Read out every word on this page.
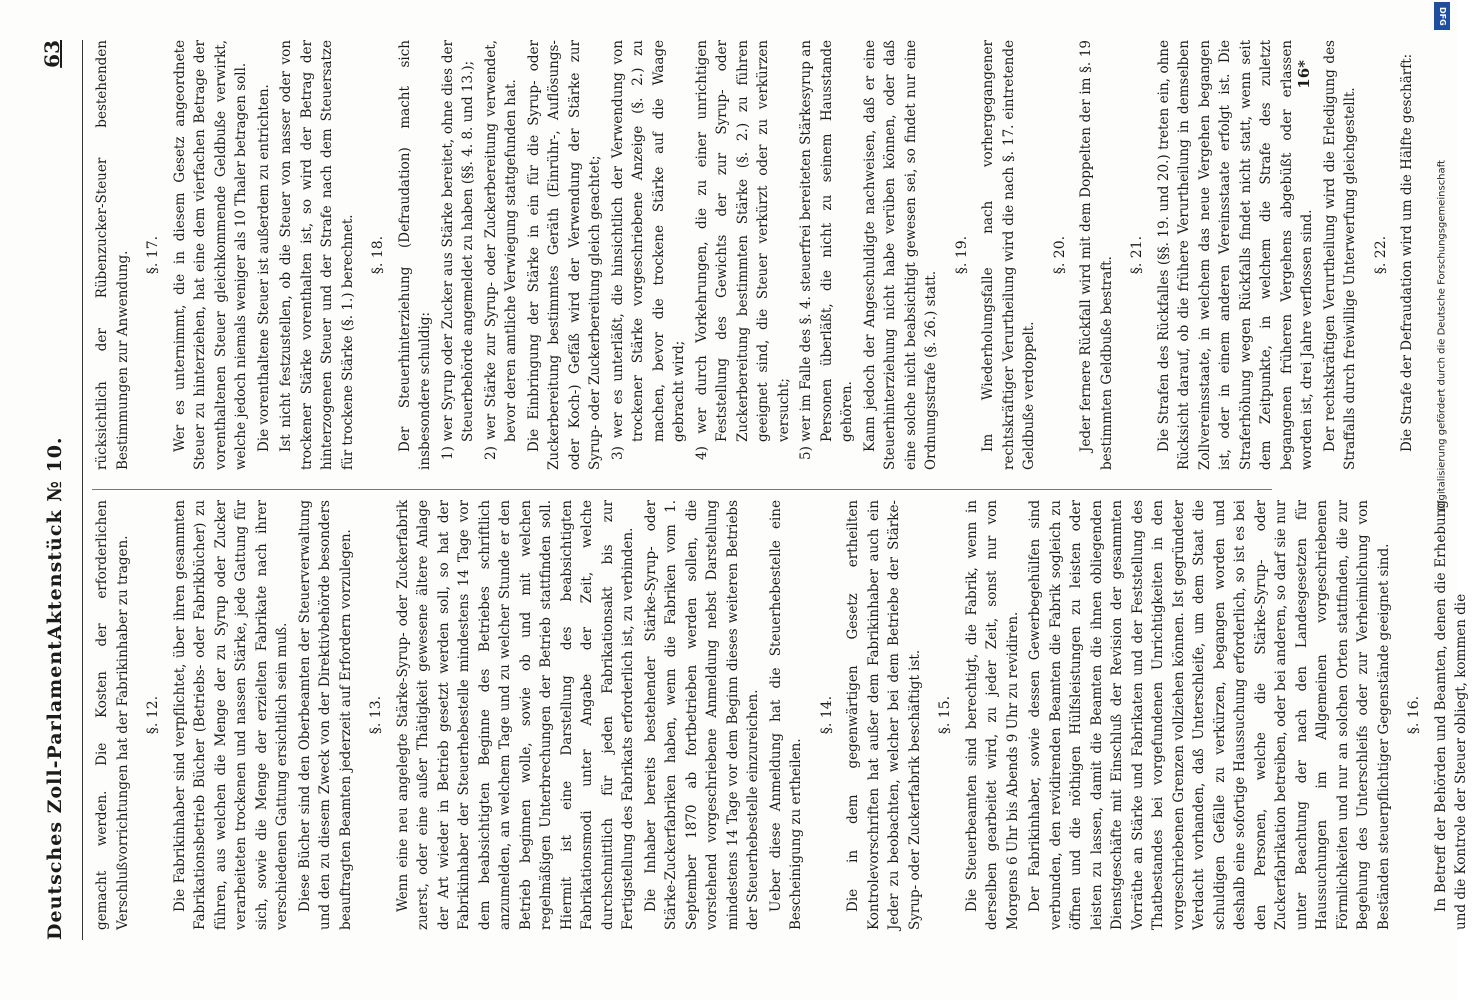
Deutsches Zoll-Parlament.
Aktenstück № 10.
63

gemacht werden. Die Kosten der erforderlichen Verschlußvorrichtungen hat der Fabrikinhaber zu tragen. §. 12. Die Fabrikinhaber sind verpflichtet, über ihren gesammten Fabrikationsbetrieb Bücher (Betriebs- oder Fabrikbücher) zu führen, aus welchen die Menge der zu Syrup oder Zucker verarbeiteten trockenen und nassen Stärke, jede Gattung für sich, sowie die Menge der erzielten Fabrikate nach ihrer verschiedenen Gattung ersichtlich sein muß. Diese Bücher sind den Oberbeamten der Steuerverwaltung und den zu diesem Zweck von der Direktivbehörde besonders beauftragten Beamten jederzeit auf Erfordern vorzulegen. §. 13. Wenn eine neu angelegte Stärke-Syrup- oder Zuckerfabrik zuerst, oder eine außer Thätigkeit gewesene ältere Anlage der Art wieder in Betrieb gesetzt werden soll, so hat der Fabrikinhaber der Steuerhebestelle mindestens 14 Tage vor dem beabsichtigten Beginne des Betriebes schriftlich anzumelden, an welchem Tage und zu welcher Stunde er den Betrieb beginnen wolle, sowie ob und mit welchen regelmäßigen Unterbrechungen der Betrieb stattfinden soll. Hiermit ist eine Darstellung des beabsichtigten Fabrikationsmodi unter Angabe der Zeit, welche durchschnittlich für jeden Fabrikationsakt bis zur Fertigstellung des Fabrikats erforderlich ist, zu verbinden. Die Inhaber bereits bestehender Stärke-Syrup- oder Stärke-Zuckerfabriken haben, wenn die Fabriken vom 1. September 1870 ab fortbetrieben werden sollen, die vorstehend vorgeschriebene Anmeldung nebst Darstellung mindestens 14 Tage vor dem Beginn dieses weiteren Betriebs der Steuerhebestelle einzureichen. Ueber diese Anmeldung hat die Steuerhebestelle eine Bescheinigung zu ertheilen.

§. 14. Die in dem gegenwärtigen Gesetz ertheilten Kontrolevorschriften hat außer dem Fabrikinhaber auch ein Jeder zu beobachten, welcher bei dem Betriebe der Stärke-Syrup- oder Zuckerfabrik beschäftigt ist. §. 15. Die Steuerbeamten sind berechtigt, die Fabrik, wenn in derselben gearbeitet wird, zu jeder Zeit, sonst nur von Morgens 6 Uhr bis Abends 9 Uhr zu revidiren. Der Fabrikinhaber, sowie dessen Gewerbegehülfen sind verbunden, den revidirenden Beamten die Fabrik sogleich zu öffnen und die nöthigen Hülfsleistungen zu leisten oder leisten zu lassen, damit die Beamten die ihnen obliegenden Dienstgeschäfte mit Einschluß der Revision der gesammten Vorräthe an Stärke und Fabrikaten und der Feststellung des Thatbestandes bei vorgefundenen Unrichtigkeiten in den vorgeschriebenen Grenzen vollziehen können. Ist gegründeter Verdacht vorhanden, daß Unterschleife, um dem Staat die schuldigen Gefälle zu verkürzen, begangen worden und deshalb eine sofortige Haussuchung erforderlich, so ist es bei den Personen, welche die Stärke-Syrup- oder Zuckerfabrikation betreiben, oder bei anderen, so darf sie nur unter Beachtung der nach den Landesgesetzen für Haussuchungen im Allgemeinen vorgeschriebenen Förmlichkeiten und nur an solchen Orten stattfinden, die zur Begehung des Unterschleifs oder zur Verheimlichung von Beständen steuerpflichtiger Gegenstände geeignet sind. §. 16. In Betreff der Behörden und Beamten, denen die Erhebung und die Kontrole der Steuer obliegt, kommen die

rücksichtlich der Rübenzucker-Steuer bestehenden Bestimmungen zur Anwendung. §. 17. Wer es unternimmt, die in diesem Gesetz angeordnete Steuer zu hinterziehen, hat eine dem vierfachen Betrage der vorenthaltenen Steuer gleichkommende Geldbuße verwirkt, welche jedoch niemals weniger als 10 Thaler betragen soll. Die vorenthaltene Steuer ist außerdem zu entrichten. Ist nicht festzustellen, ob die Steuer von nasser oder von trockener Stärke vorenthalten ist, so wird der Betrag der hinterzogenen Steuer und der Strafe nach dem Steuersatze für trockene Stärke (§. 1.) berechnet. §. 18. Der Steuerhinterziehung (Defraudation) macht sich insbesondere schuldig: 1) wer Syrup oder Zucker aus Stärke bereitet, ohne dies der Steuerbehörde angemeldet zu haben (§§. 4. 8. und 13.); 2) wer Stärke zur Syrup- oder Zuckerbereitung verwendet, bevor deren amtliche Verwiegung stattgefunden hat. Die Einbringung der Stärke in ein für die Syrup- oder Zuckerbereitung bestimmtes Geräth (Einrühr-, Auflösungs- oder Koch-) Gefäß wird der Verwendung der Stärke zur Syrup- oder Zuckerbereitung gleich geachtet; 3) wer es unterläßt, die hinsichtlich der Verwendung von trockener Stärke vorgeschriebene Anzeige (§. 2.) zu machen, bevor die trockene Stärke auf die Waage gebracht wird; 4) wer durch Vorkehrungen, die zu einer unrichtigen Feststellung des Gewichts der zur Syrup- oder Zuckerbereitung bestimmten Stärke (§. 2.) zu führen geeignet sind, die Steuer verkürzt oder zu verkürzen versucht; 5) wer im Falle des §. 4. steuerfrei bereiteten Stärkesyrup an Personen überläßt, die nicht zu seinem Hausstande gehören. Kann jedoch der Angeschuldigte nachweisen, daß er eine Steuerhinterziehung nicht habe verüben können, oder daß eine solche nicht beabsichtigt gewesen sei, so findet nur eine Ordnungsstrafe (§. 26.) statt.

§. 19. Im Wiederholungsfalle nach vorhergegangener rechtskräftiger Verurtheilung wird die nach §. 17. eintretende Geldbuße verdoppelt.

§. 20. Jeder fernere Rückfall wird mit dem Doppelten der im §. 19 bestimmten Geldbuße bestraft.

§. 21. Die Strafen des Rückfalles (§§. 19. und 20.) treten ein, ohne Rücksicht darauf, ob die frühere Verurtheilung in demselben Zollvereinsstaate, in welchem das neue Vergehen begangen ist, oder in einem anderen Vereinsstaate erfolgt ist. Die Straferhöhung wegen Rückfalls findet nicht statt, wenn seit dem Zeitpunkte, in welchem die Strafe des zuletzt begangenen früheren Vergehens abgebüßt oder erlassen worden ist, drei Jahre verflossen sind. Der rechtskräftigen Verurtheilung wird die Erledigung des Straffalls durch freiwillige Unterwerfung gleichgestellt. §. 22. Die Strafe der Defraudation wird um die Hälfte geschärft:

16*
DFG
Digitalisierung gefördert durch die Deutsche Forschungsgemeinschaft
